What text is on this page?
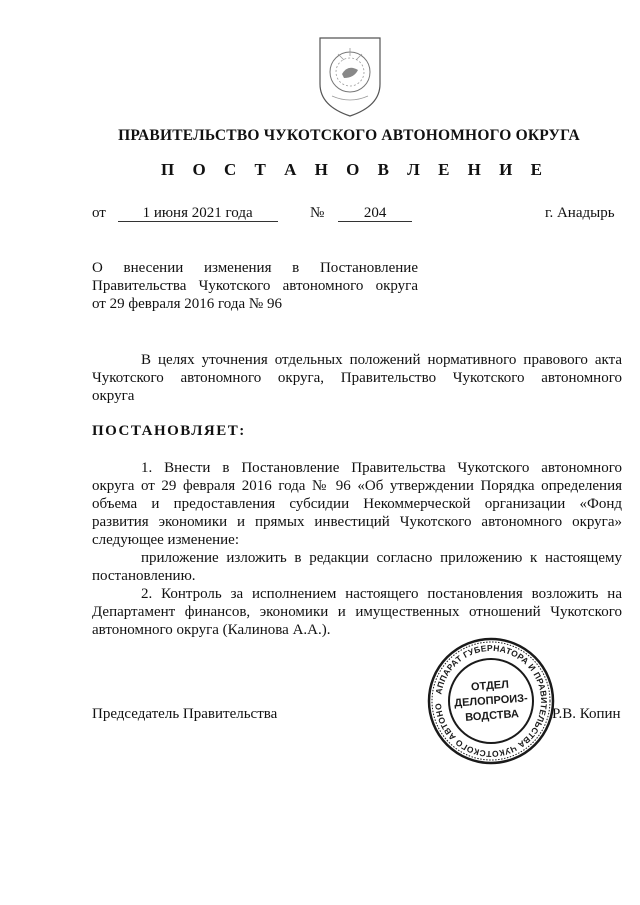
ПРАВИТЕЛЬСТВО ЧУКОТСКОГО АВТОНОМНОГО ОКРУГА
П О С Т А Н О В Л Е Н И Е
от 1 июня 2021 года	№	204	г. Анадырь
О внесении изменения в Постановление
Правительства Чукотского автономного округа
от 29 февраля 2016 года № 96
В целях уточнения отдельных положений нормативного правового акта
Чукотского автономного округа, Правительство Чукотского автономного
округа
ПОСТАНОВЛЯЕТ:
1. Внести в Постановление Правительства Чукотского автономного
округа от 29 февраля 2016 года № 96 «Об утверждении Порядка определения
объема и предоставления субсидии Некоммерческой организации «Фонд
развития экономики и прямых инвестиций Чукотского автономного округа»
следующее изменение:
приложение изложить в редакции согласно приложению к настоящему
постановлению.
2. Контроль за исполнением настоящего постановления возложить на
Департамент финансов, экономики и имущественных отношений Чукотского
автономного округа (Калинова А.А.).
Председатель Правительства	Р.В. Копин
АППАРАТ ГУБЕРНАТОРА И ПРАВИТЕЛЬСТВА ЧУКОТСКОГО АВТОНО
ОТДЕЛ
ДЕЛОПРОИЗ-
ВОДСТВА
